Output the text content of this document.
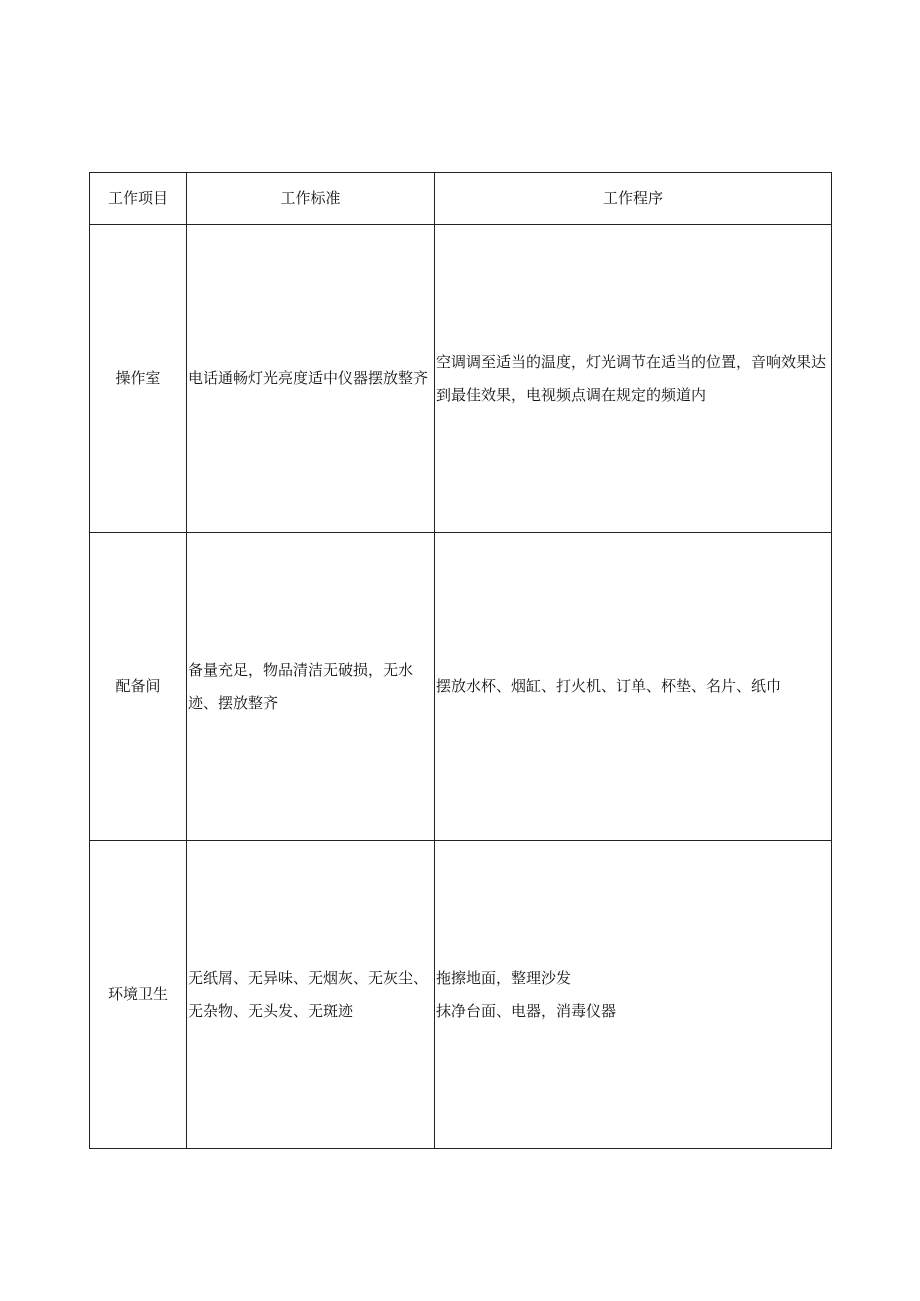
工作项目	工作标准	工作程序
操作室	电话通畅灯光亮度适中仪器摆放整齐	空调调至适当的温度，灯光调节在适当的位置，音响效果达到最佳效果，电视频点调在规定的频道内

配备间	备量充足，物品清洁无破损，无水迹、摆放整齐	摆放水杯、烟缸、打火机、订单、杯垫、名片、纸巾

环境卫生	无纸屑、无异味、无烟灰、无灰尘、无杂物、无头发、无斑迹	拖擦地面，整理沙发
抹净台面、电器，消毒仪器
